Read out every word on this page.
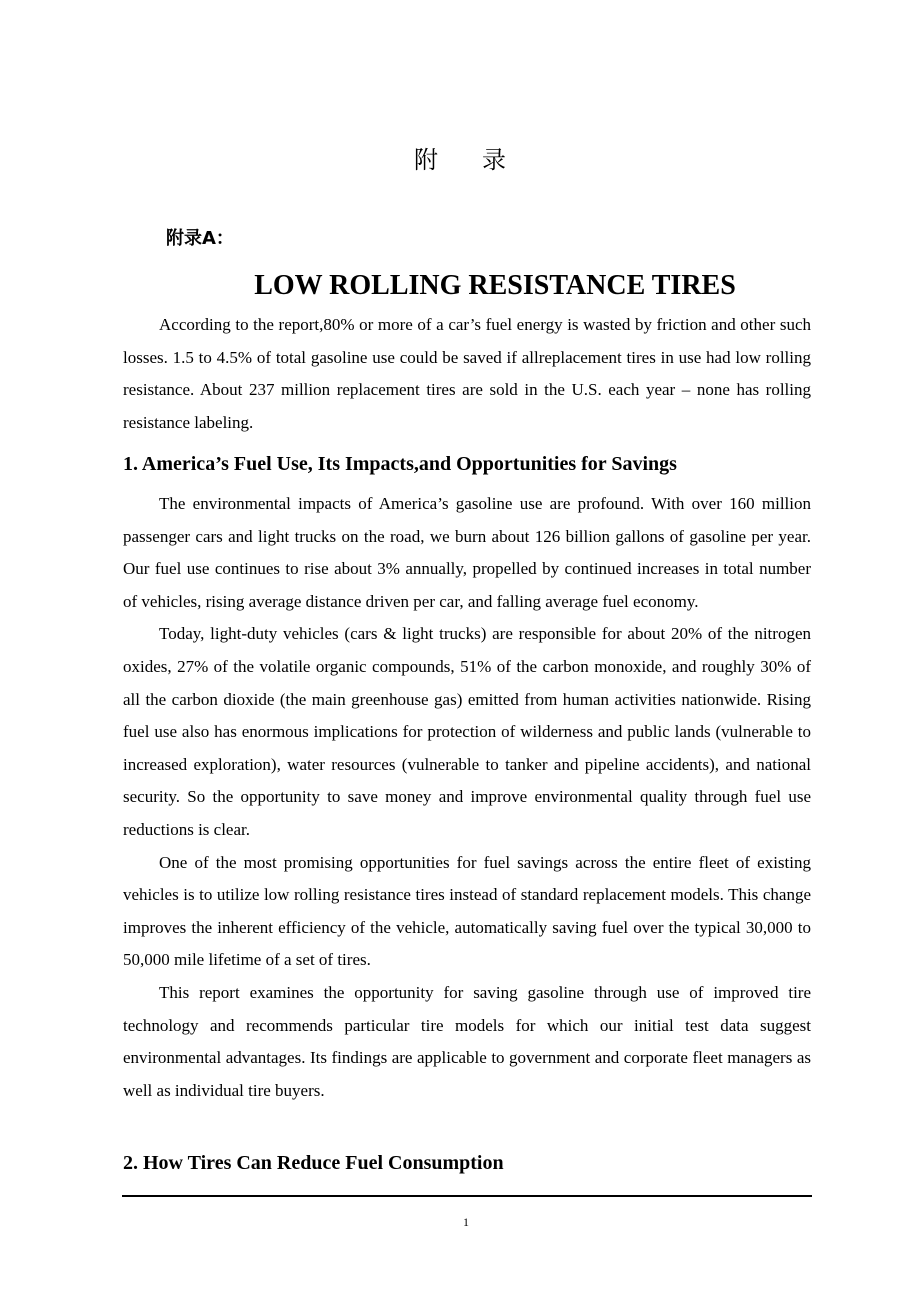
附 录
附录A：
LOW ROLLING RESISTANCE TIRES

According to the report,80% or more of a car’s fuel energy is wasted by friction and other such losses. 1.5 to 4.5% of total gasoline use could be saved if allreplacement tires in use had low rolling resistance. About 237 million replacement tires are sold in the U.S. each year – none has rolling resistance labeling.

1. America’s Fuel Use, Its Impacts,and Opportunities for Savings

The environmental impacts of America’s gasoline use are profound. With over 160 million passenger cars and light trucks on the road, we burn about 126 billion gallons of gasoline per year. Our fuel use continues to rise about 3% annually, propelled by continued increases in total number of vehicles, rising average distance driven per car, and falling average fuel economy.

Today, light-duty vehicles (cars & light trucks) are responsible for about 20% of the nitrogen oxides, 27% of the volatile organic compounds, 51% of the carbon monoxide, and roughly 30% of all the carbon dioxide (the main greenhouse gas) emitted from human activities nationwide. Rising fuel use also has enormous implications for protection of wilderness and public lands (vulnerable to increased exploration), water resources (vulnerable to tanker and pipeline accidents), and national security. So the opportunity to save money and improve environmental quality through fuel use reductions is clear.

One of the most promising opportunities for fuel savings across the entire fleet of existing vehicles is to utilize low rolling resistance tires instead of standard replacement models. This change improves the inherent efficiency of the vehicle, automatically saving fuel over the typical 30,000 to 50,000 mile lifetime of a set of tires.

This report examines the opportunity for saving gasoline through use of improved tire technology and recommends particular tire models for which our initial test data suggest environmental advantages. Its findings are applicable to government and corporate fleet managers as well as individual tire buyers.

2. How Tires Can Reduce Fuel Consumption
1
